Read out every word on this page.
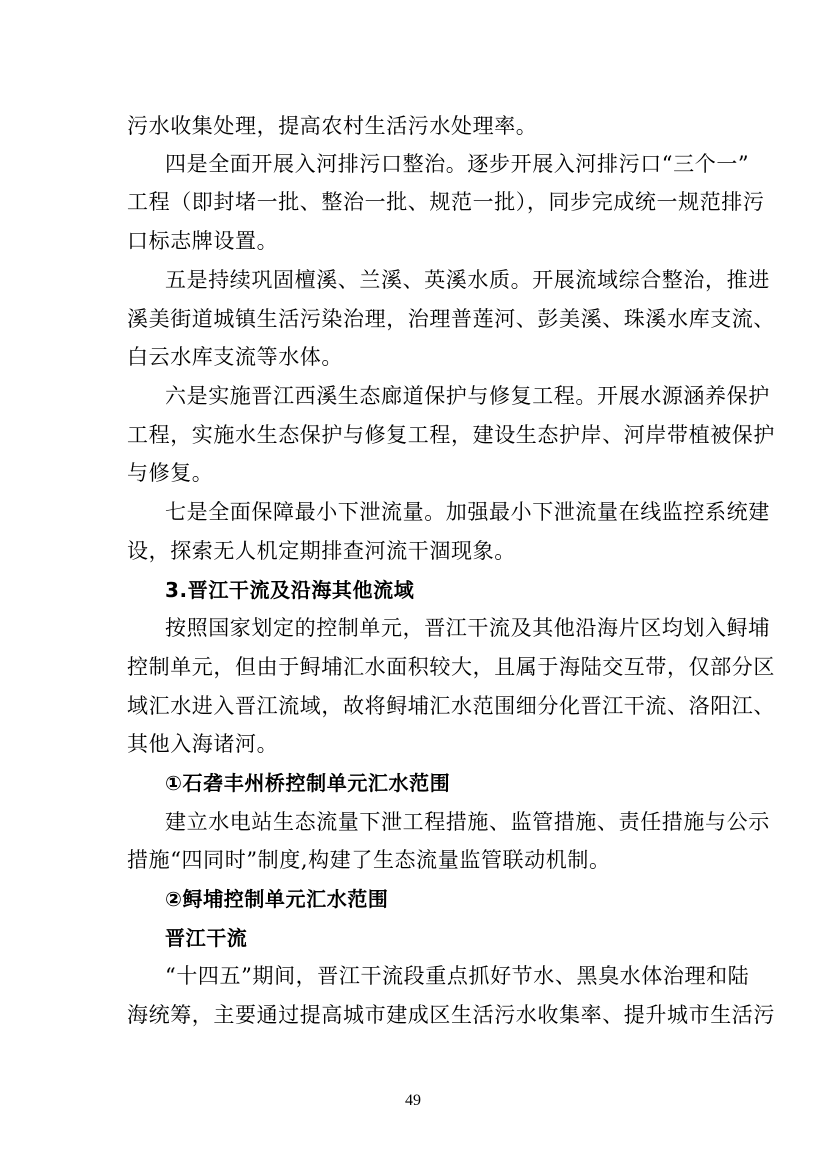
污水收集处理，提高农村生活污水处理率。
四是全面开展入河排污口整治。逐步开展入河排污口“三个一”
工程（即封堵一批、整治一批、规范一批），同步完成统一规范排污
口标志牌设置。
五是持续巩固檀溪、兰溪、英溪水质。开展流域综合整治，推进
溪美街道城镇生活污染治理，治理普莲河、彭美溪、珠溪水库支流、
白云水库支流等水体。
六是实施晋江西溪生态廊道保护与修复工程。开展水源涵养保护
工程，实施水生态保护与修复工程，建设生态护岸、河岸带植被保护
与修复。
七是全面保障最小下泄流量。加强最小下泄流量在线监控系统建
设，探索无人机定期排查河流干涸现象。
3.晋江干流及沿海其他流域
按照国家划定的控制单元，晋江干流及其他沿海片区均划入鲟埔
控制单元，但由于鲟埔汇水面积较大，且属于海陆交互带，仅部分区
域汇水进入晋江流域，故将鲟埔汇水范围细分化晋江干流、洛阳江、
其他入海诸河。
①石砻丰州桥控制单元汇水范围
建立水电站生态流量下泄工程措施、监管措施、责任措施与公示
措施“四同时”制度,构建了生态流量监管联动机制。
②鲟埔控制单元汇水范围
晋江干流
“十四五”期间，晋江干流段重点抓好节水、黑臭水体治理和陆
海统筹，主要通过提高城市建成区生活污水收集率、提升城市生活污
49
